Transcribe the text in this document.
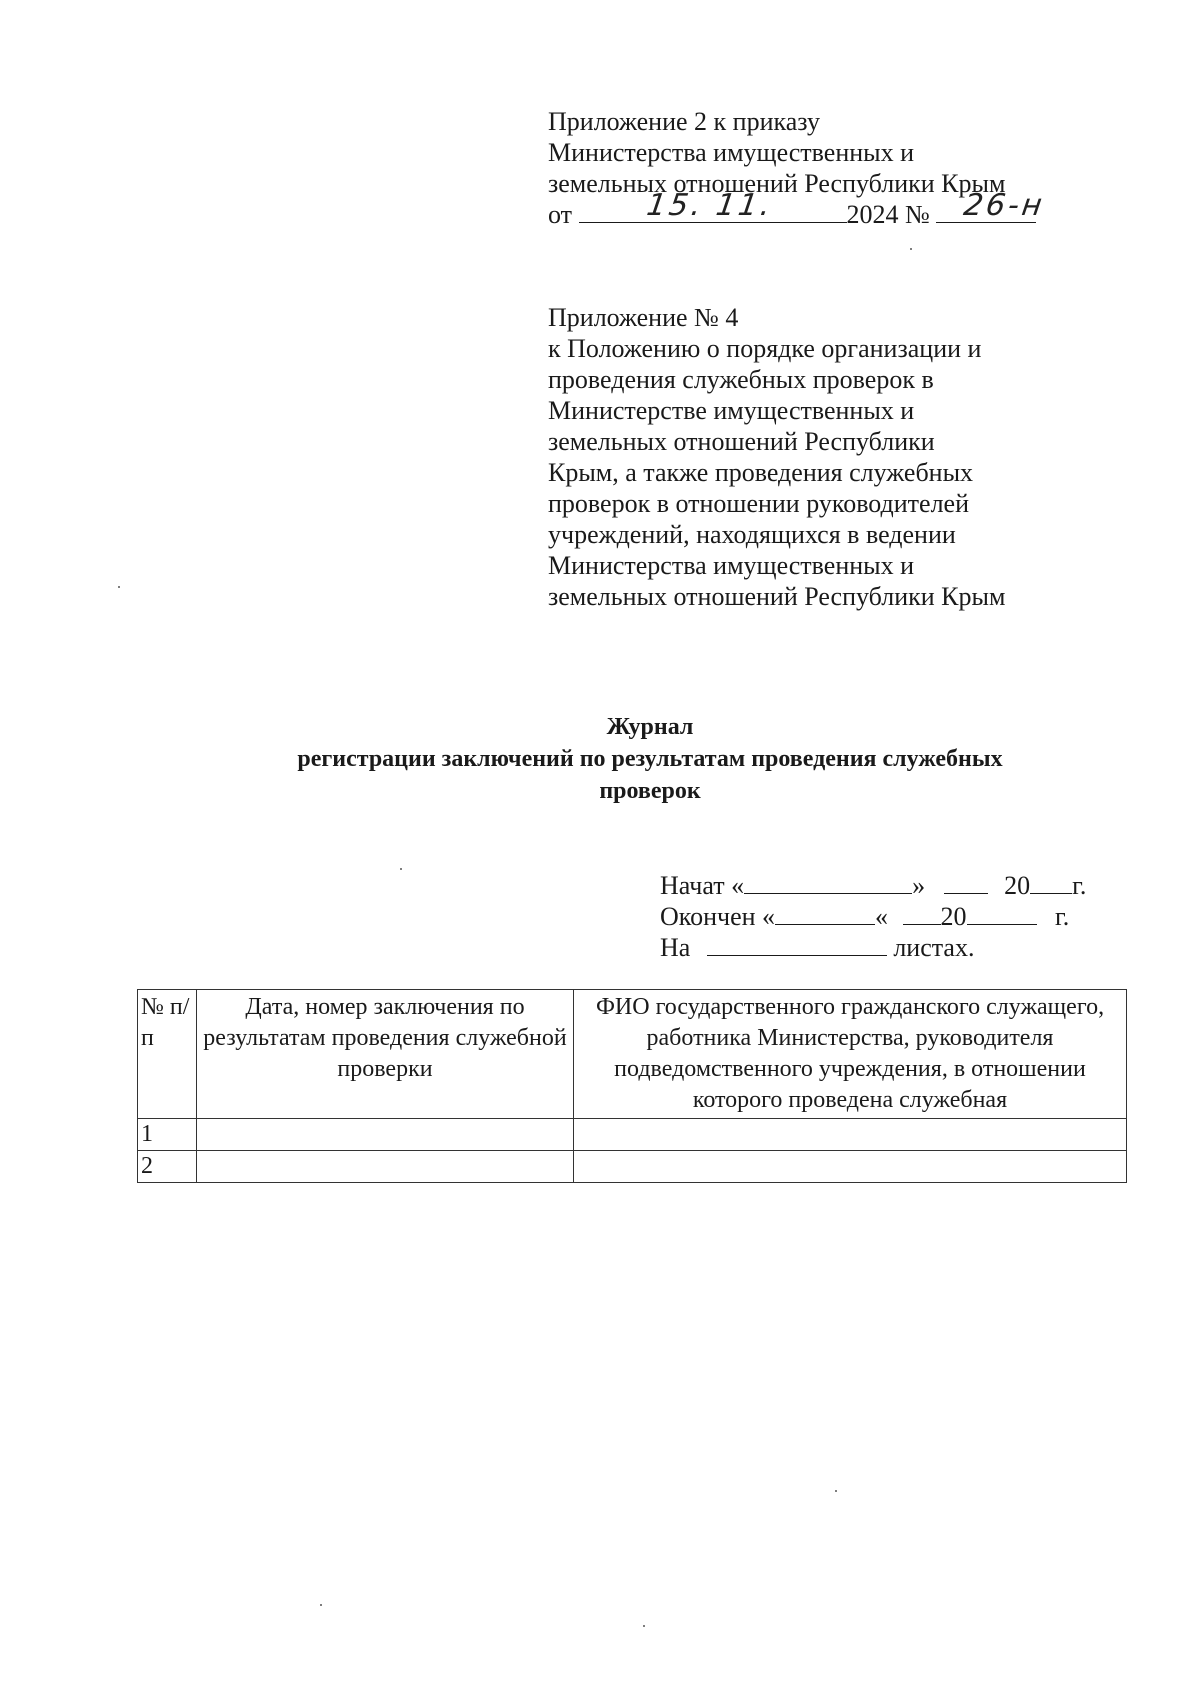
Приложение 2 к приказу
Министерства имущественных и
земельных отношений Республики Крым
от 15. 11.	2024 № 26-н
Приложение № 4
к Положению о порядке организации и
проведения служебных проверок в
Министерстве имущественных и
земельных отношений Республики
Крым, а также проведения служебных
проверок в отношении руководителей
учреждений, находящихся в ведении
Министерства имущественных и
земельных отношений Республики Крым
Журнал
регистрации заключений по результатам проведения служебных
проверок
Начат «	»	20 г.
Окончен «	« 20	г.
На	листах.
№ п/п	Дата, номер заключения по результатам проведения служебной проверки	ФИО государственного гражданского служащего, работника Министерства, руководителя подведомственного учреждения, в отношении которого проведена служебная
1		
2		
